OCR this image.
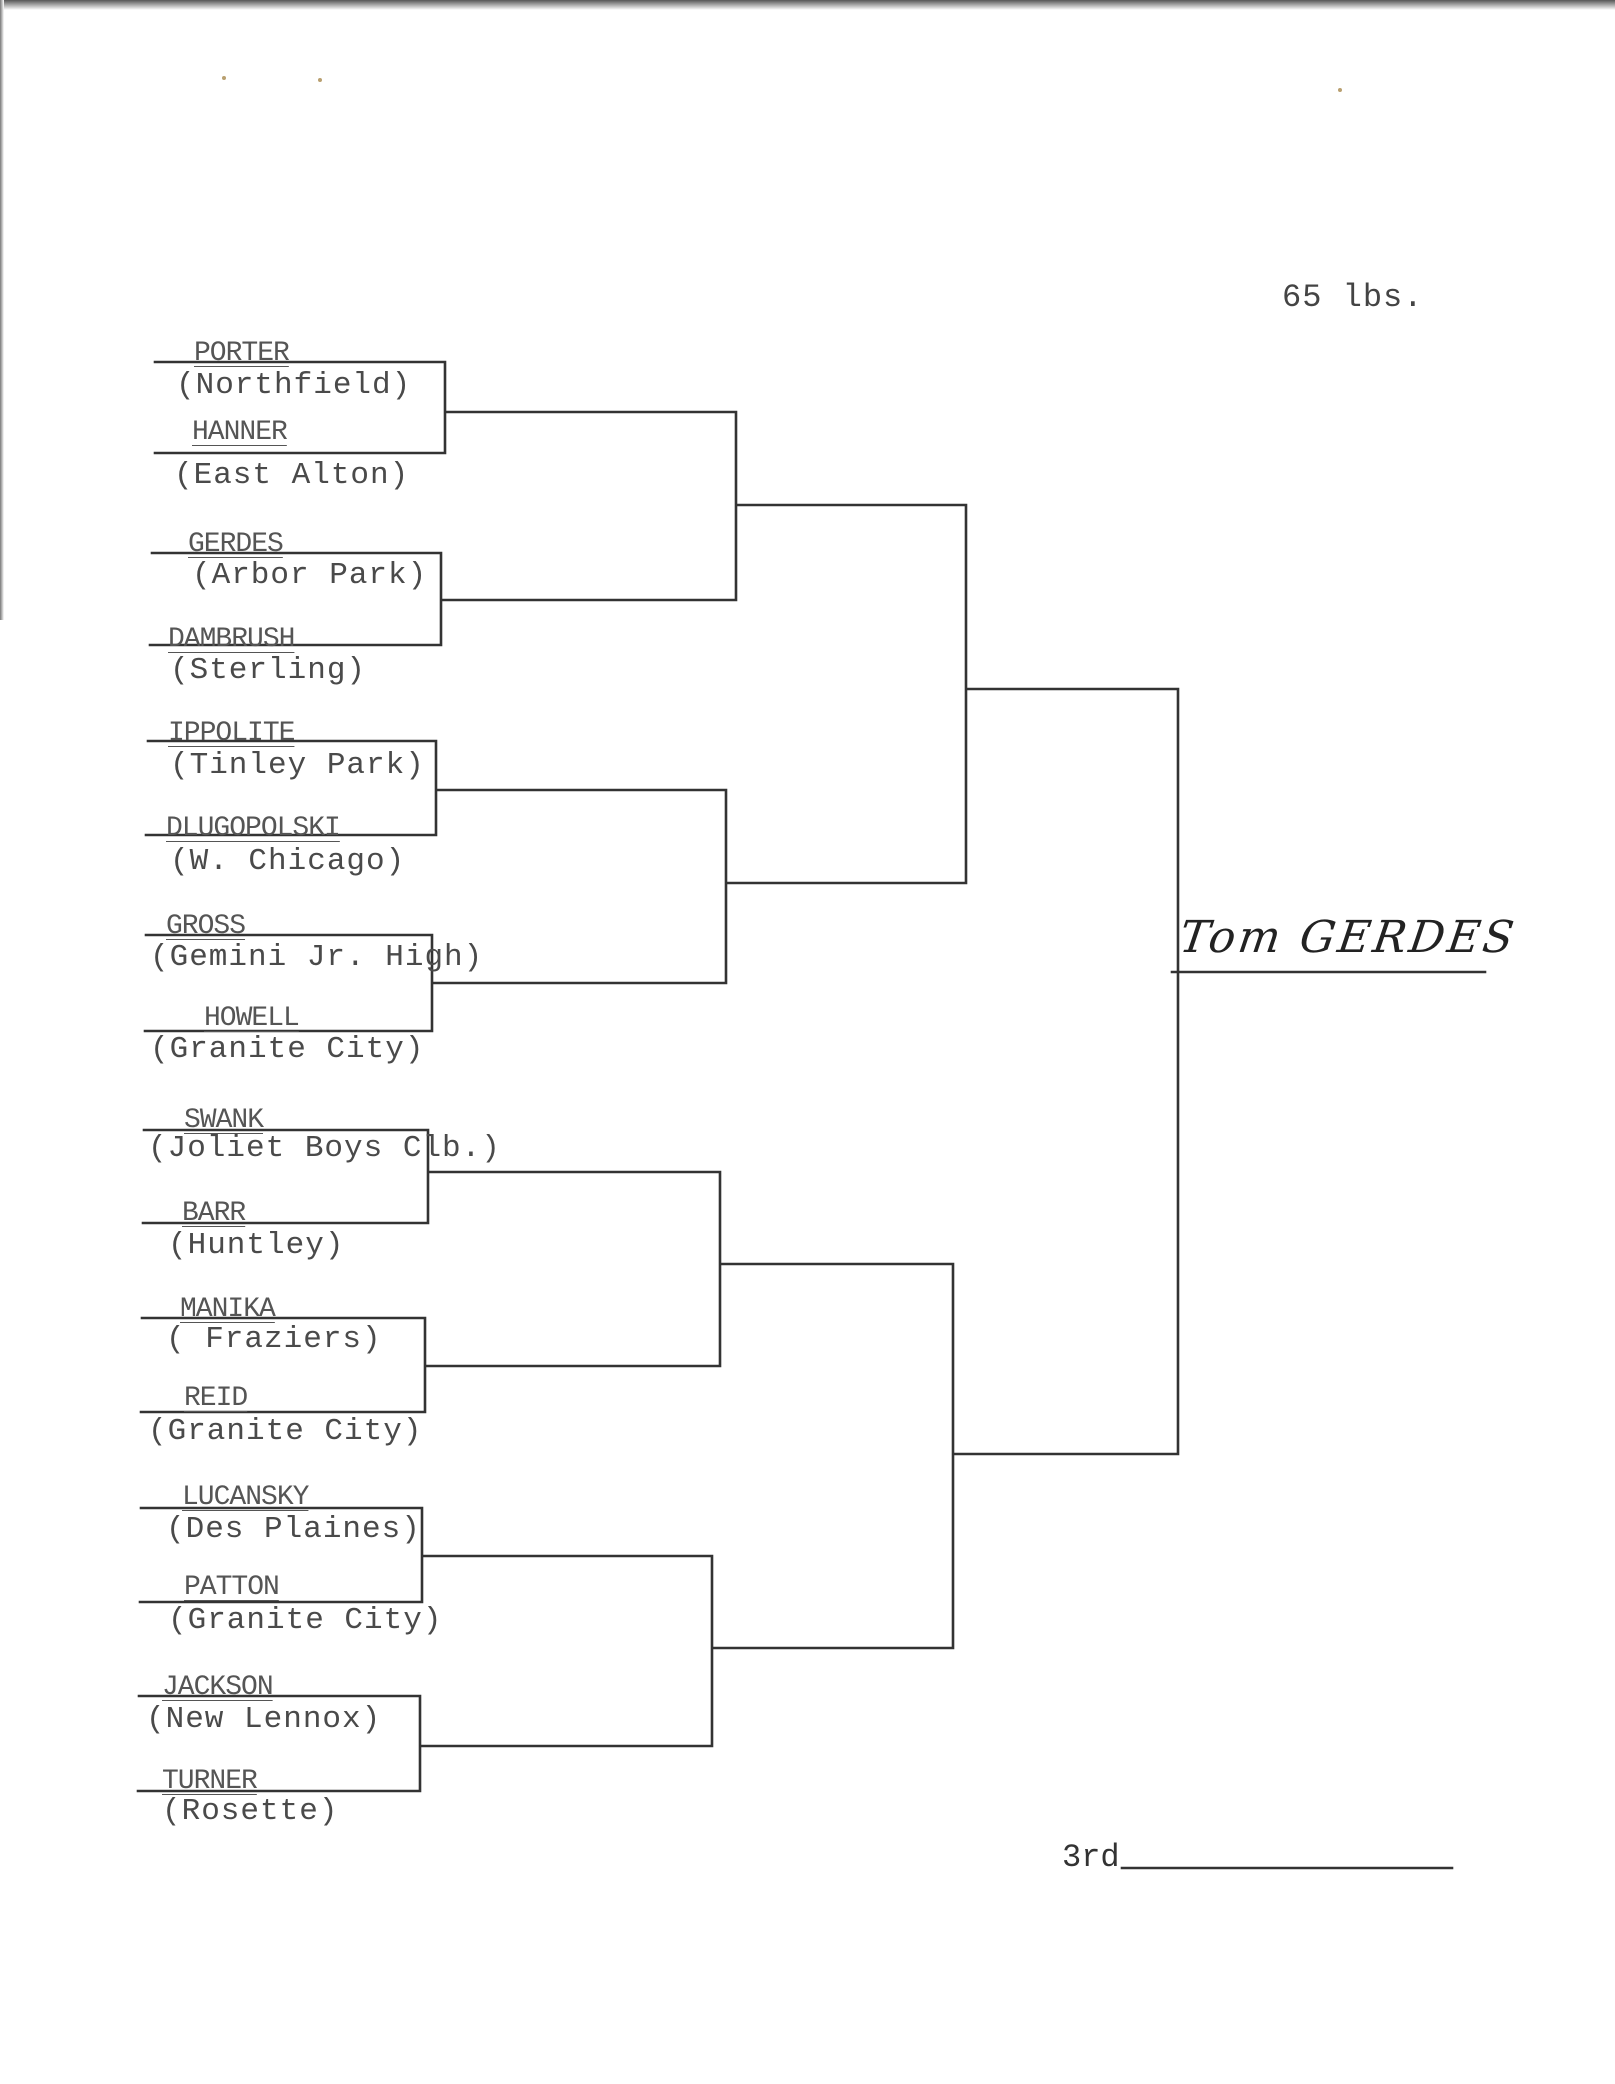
65 lbs.
PORTER
(Northfield)
HANNER
(East Alton)
GERDES
(Arbor Park)
DAMBRUSH
(Sterling)
IPPOLITE
(Tinley Park)
DLUGOPOLSKI
(W. Chicago)
GROSS
(Gemini Jr. High)
HOWELL
(Granite City)
SWANK
(Joliet Boys Clb.)
BARR
(Huntley)
MANIKA
( Fraziers)
REID
(Granite City)
LUCANSKY
(Des Plaines)
PATTON
(Granite City)
JACKSON
(New Lennox)
TURNER
(Rosette)
Tom GERDES
3rd
